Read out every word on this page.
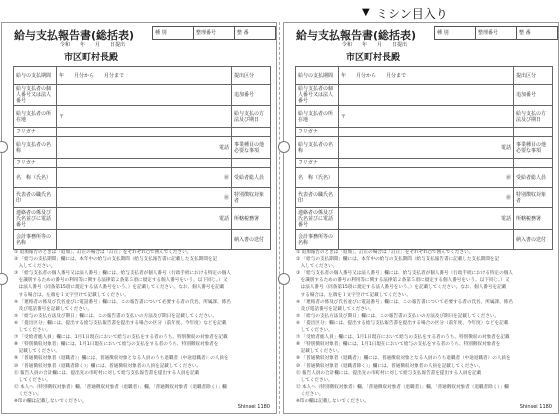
▼ ミシン目入り
給与支払報告書(総括表)	種 別	整理番号	整 番
令和　　年　　月　　日提出
市区町村長殿
給与の支払期間	年　　月分から　　月分まで	提出区分
給与支払者の個人番号又は法人番号		追加番号
給与支払者の所在地	〒	給与支払の方法及び期日
フリガナ		
給与支払者の名称	電話	事業種目の他必要な事項
フリガナ		
名　称（氏名）	㊞	受給者総人員
代表者の職氏名印	㊞	特別徴収対象者
連絡者の係及び氏名並びに電話番号	電話	所轄税務署
会計事務所等の名称		納入書の送付
① 追加報告のときは「追加」、訂正の場合は「訂正」をそれぞれ○で囲んでください。
② 「給与の支払期間」欄には、本年中の給与の支払期間（給与支払報告書に記載した支払期間を記
　入してください。
③ 「給与支払者の個人番号又は法人番号」欄には、給与支払者が個人番号（行政手続における特定の個人
　を識別するための番号の利用等に関する法律第２条第５項に規定する個人番号をいう。以下同じ。）又
　は法人番号（同条第15項に規定する法人番号をいう。）を記載してください。なお、個人番号を記載
　する場合は、左端を１文字空けて記載してください。
④ 「連絡者の係及び氏名並びに電話番号」欄には、この報告書について必要する者の氏名、所属課、係名
　及び電話番号を記載してください。
⑤ 「給与の支払方法及び期日」欄には、この報告書の支払いの方法及び期日を記載してください。
⑥ 「提出区分」欄には、提出する給与支払報告書を提出する場合の区分（前年度、今年度）などを記載
　してください。
⑦ 「受給者総人員」欄には、1月1日現在において給与の支払をする者のうち、特別徴収の対象者を記載
⑧ 「特別徴収対象者」欄には、1月1日現在において給与の支払をする者のうち、特別徴収対象者を
　記載してください。
⑨ 「普通徴収対象者（退職者）」欄には、普通徴収対象となる人員のうち退職者（中途退職者）の人員を
⑩ 「普通徴収対象者（退職者除く）」欄には、普通徴収対象者の人員を記載してください。
⑪ 報告人員の合計欄には、提出先の市町村に対して給与支払報告書を提出する人員を記載
　してください。
⑫ 本人へ（特別徴収対象者）欄、「普通徴収対象者（退職者）」欄、「普通徴収対象者（退職者除く）」欄
　ください。
※印の欄は記載しないでください。
Shinsei 1180
給与支払報告書(総括表)	種 別	整理番号	整 番
令和　　年　　月　　日提出
市区町村長殿
給与の支払期間	年　　月分から　　月分まで	提出区分
給与支払者の個人番号又は法人番号		追加番号
給与支払者の所在地	〒	給与支払の方法及び期日
フリガナ		
給与支払者の名称	電話	事業種目の他必要な事項
フリガナ		
名　称（氏名）	㊞	受給者総人員
代表者の職氏名印	㊞	特別徴収対象者
連絡者の係及び氏名並びに電話番号	電話	所轄税務署
会計事務所等の名称		納入書の送付
① 追加報告のときは「追加」、訂正の場合は「訂正」をそれぞれ○で囲んでください。
② 「給与の支払期間」欄には、本年中の給与の支払期間（給与支払報告書に記載した支払期間を記
　入してください。
③ 「給与支払者の個人番号又は法人番号」欄には、給与支払者が個人番号（行政手続における特定の個人
　を識別するための番号の利用等に関する法律第２条第５項に規定する個人番号をいう。以下同じ。）又
　は法人番号（同条第15項に規定する法人番号をいう。）を記載してください。なお、個人番号を記載
　する場合は、左端を１文字空けて記載してください。
④ 「連絡者の係及び氏名並びに電話番号」欄には、この報告書について必要する者の氏名、所属課、係名
　及び電話番号を記載してください。
⑤ 「給与の支払方法及び期日」欄には、この報告書の支払いの方法及び期日を記載してください。
⑥ 「提出区分」欄には、提出する給与支払報告書を提出する場合の区分（前年度、今年度）などを記載
　してください。
⑦ 「受給者総人員」欄には、1月1日現在において給与の支払をする者のうち、特別徴収の対象者を記載
⑧ 「特別徴収対象者」欄には、1月1日現在において給与の支払をする者のうち、特別徴収対象者を
　記載してください。
⑨ 「普通徴収対象者（退職者）」欄には、普通徴収対象となる人員のうち退職者（中途退職者）の人員を
⑩ 「普通徴収対象者（退職者除く）」欄には、普通徴収対象者の人員を記載してください。
⑪ 報告人員の合計欄には、提出先の市町村に対して給与支払報告書を提出する人員を記載
　してください。
⑫ 本人へ（特別徴収対象者）欄、「普通徴収対象者（退職者）」欄、「普通徴収対象者（退職者除く）」欄
　ください。
※印の欄は記載しないでください。
Shinsei 1180
